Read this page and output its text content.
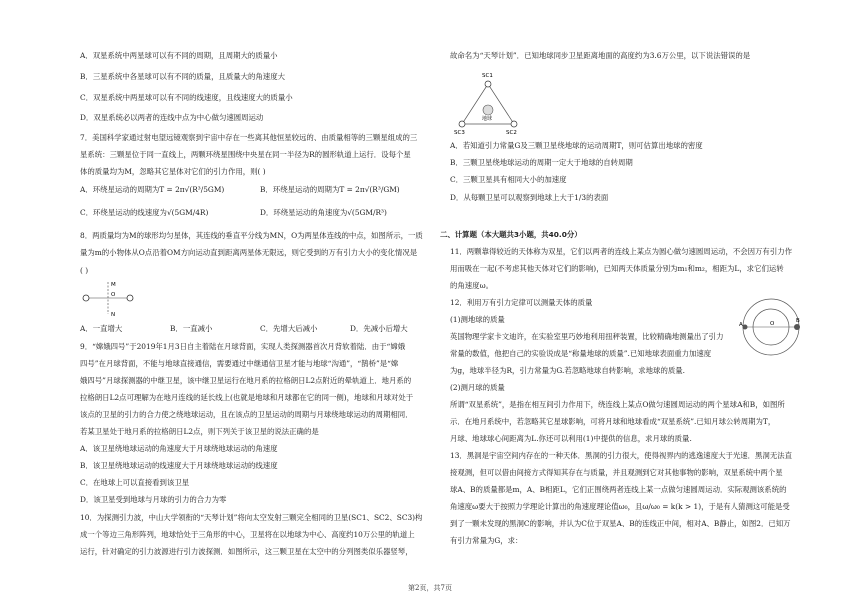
A．双星系统中两星球可以有不同的周期，且周期大的质量小
B．三星系统中各星球可以有不同的质量，且质量大的角速度大
C．双星系统中两星球可以有不同的线速度，且线速度大的质量小
D．双星系统必以两者的连线中点为中心做匀速圆周运动
7．美国科学家通过射电望远镜观察到宇宙中存在一些离其他恒星较远的、由质量相等的三颗星组成的三
星系统：三颗星位于同一直线上，两颗环绕星围绕中央星在同一半径为R的圆形轨道上运行．设每个星
体的质量均为M，忽略其它星体对它们的引力作用，则( )
A．环绕星运动的周期为T = 2π√(R³/5GM)	B．环绕星运动的周期为T = 2π√(R³/GM)
C．环绕星运动的线速度为√(5GM/4R)	D．环绕星运动的角速度为√(5GM/R³)
8．两质量均为M的球形均匀星体，其连线的垂直平分线为MN，O为两星体连线的中点，如图所示，一质
量为m的小物体从O点沿着OM方向运动直到距离两星体无限远，则它受到的万有引力大小的变化情况是
( )
M
O
N
A．一直增大	B．一直减小	C．先增大后减小	D．先减小后增大
9．“嫦娥四号”于2019年1月3日自主着陆在月球背面，实现人类探测器首次月背软着陆．由于“嫦娥
四号”在月球背面，不能与地球直接通信，需要通过中继通信卫星才能与地球“沟通”，“鹊桥”是“嫦
娥四号”月球探测器的中继卫星，该中继卫星运行在地月系的拉格朗日L2点附近的晕轨道上．地月系的
拉格朗日L2点可理解为在地月连线的延长线上(也就是地球和月球都在它的同一侧)，地球和月球对处于
该点的卫星的引力的合力使之绕地球运动，且在该点的卫星运动的周期与月球绕地球运动的周期相同．
若某卫星处于地月系的拉格朗日L2点，则下列关于该卫星的说法正确的是
A．该卫星绕地球运动的角速度大于月球绕地球运动的角速度
B．该卫星绕地球运动的线速度大于月球绕地球运动的线速度
C．在地球上可以直接看到该卫星
D．该卫星受到地球与月球的引力的合力为零
10．为探测引力波，中山大学领衔的“天琴计划”将向太空发射三颗完全相同的卫星(SC1、SC2、SC3)构
成一个等边三角形阵列，地球恰处于三角形的中心，卫星将在以地球为中心、高度约10万公里的轨道上
运行，针对确定的引力波源进行引力波探测．如图所示，这三颗卫星在太空中的分列图类似乐器竖琴，
故命名为“天琴计划”．已知地球同步卫星距离地面的高度约为3.6万公里，以下说法错误的是
SC1
SC2
SC3
地球
A．若知道引力常量G及三颗卫星绕地球的运动周期T，则可估算出地球的密度
B．三颗卫星绕地球运动的周期一定大于地球的自转周期
C．三颗卫星具有相同大小的加速度
D．从每颗卫星可以观察到地球上大于1/3的表面
二、计算题（本大题共3小题，共40.0分）
11．两颗靠得较近的天体称为双星，它们以两者的连线上某点为圆心做匀速圆周运动，不会因万有引力作
用而吸在一起(不考虑其他天体对它们的影响)，已知两天体质量分别为m₁和m₂，相距为L，求它们运转
的角速度ω。
12．利用万有引力定律可以测量天体的质量
(1)测地球的质量
英国物理学家卡文迪许，在实验室里巧妙地利用扭秤装置，比较精确地测量出了引力
常量的数值，他把自己的实验说成是“称量地球的质量”.已知地球表面重力加速度
为g，地球半径为R，引力常量为G.若忽略地球自转影响，求地球的质量.
(2)测月球的质量
所谓“双星系统”，是指在相互间引力作用下，绕连线上某点O做匀速圆周运动的两个星球A和B，如图所
示．在地月系统中，若忽略其它星球影响，可将月球和地球看成“双星系统”.已知月球公转周期为T，
月球、地球球心间距离为L.你还可以利用(1)中提供的信息，求月球的质量.
A	O	B
13．黑洞是宇宙空间内存在的一种天体．黑洞的引力很大，使得视界内的逃逸速度大于光速．黑洞无法直
接观测，但可以借由间接方式得知其存在与质量，并且观测到它对其他事物的影响，双星系统中两个星
球A、B的质量都是m，A、B相距L，它们正围绕两者连线上某一点做匀速圆周运动．实际观测该系统的
角速度ω要大于按照力学理论计算出的角速度理论值ω₀，且ω/ω₀ = k(k > 1)，于是有人猜测这可能是受
到了一颗未发现的黑洞C的影响，并认为C位于双星A、B的连线正中间，相对A、B静止，如图2．已知万
有引力常量为G，求：
第2页，共7页
